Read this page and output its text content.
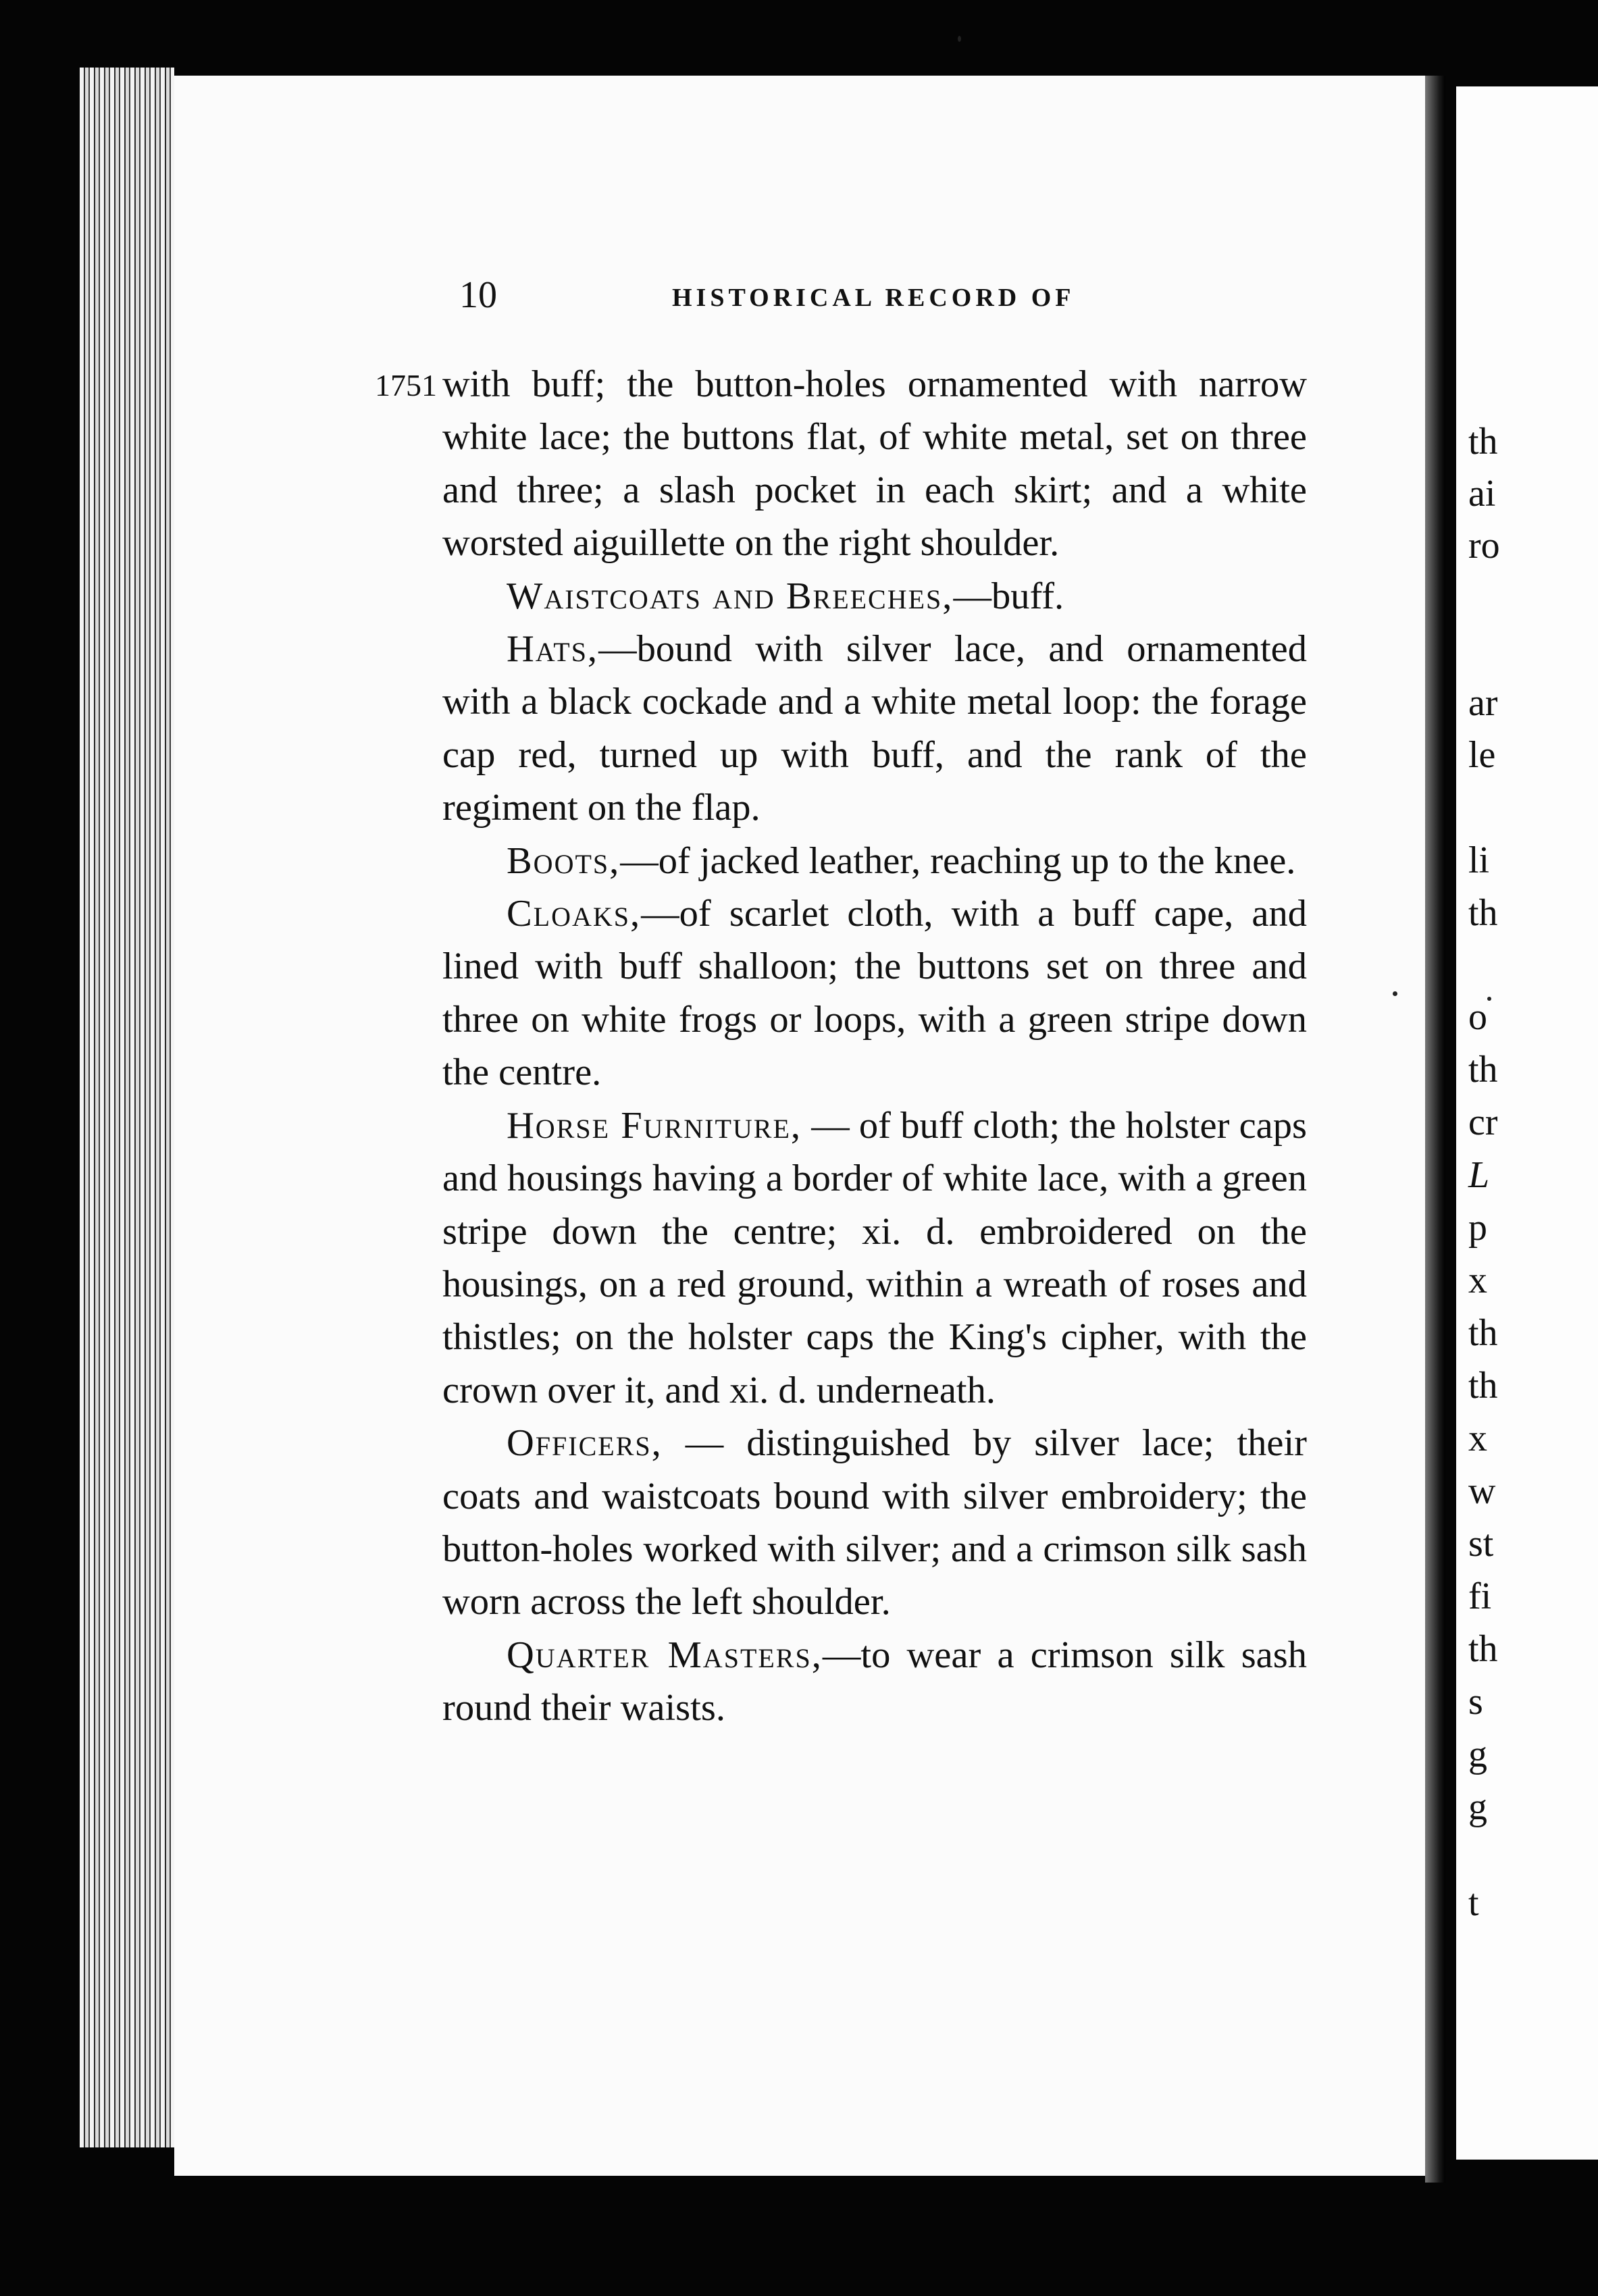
th
ai
ro
ar
le
li
th
o
th
cr
L
p
x
th
th
x
w
st
fi
th
s
g
g
t
10	HISTORICAL RECORD OF
1751 with buff; the button-holes ornamented with narrow white lace; the buttons flat, of white metal, set on three and three; a slash pocket in each skirt; and a white worsted aiguillette on the right shoulder.

Waistcoats and Breeches,—buff.

Hats,—bound with silver lace, and ornamented with a black cockade and a white metal loop: the forage cap red, turned up with buff, and the rank of the regiment on the flap.

Boots,—of jacked leather, reaching up to the knee.

Cloaks,—of scarlet cloth, with a buff cape, and lined with buff shalloon; the buttons set on three and three on white frogs or loops, with a green stripe down the centre.

Horse Furniture, — of buff cloth; the holster caps and housings having a border of white lace, with a green stripe down the centre; xi. d. embroidered on the housings, on a red ground, within a wreath of roses and thistles; on the holster caps the King's cipher, with the crown over it, and xi. d. underneath.

Officers, — distinguished by silver lace; their coats and waistcoats bound with silver embroidery; the button-holes worked with silver; and a crimson silk sash worn across the left shoulder.

Quarter Masters,—to wear a crimson silk sash round their waists.
